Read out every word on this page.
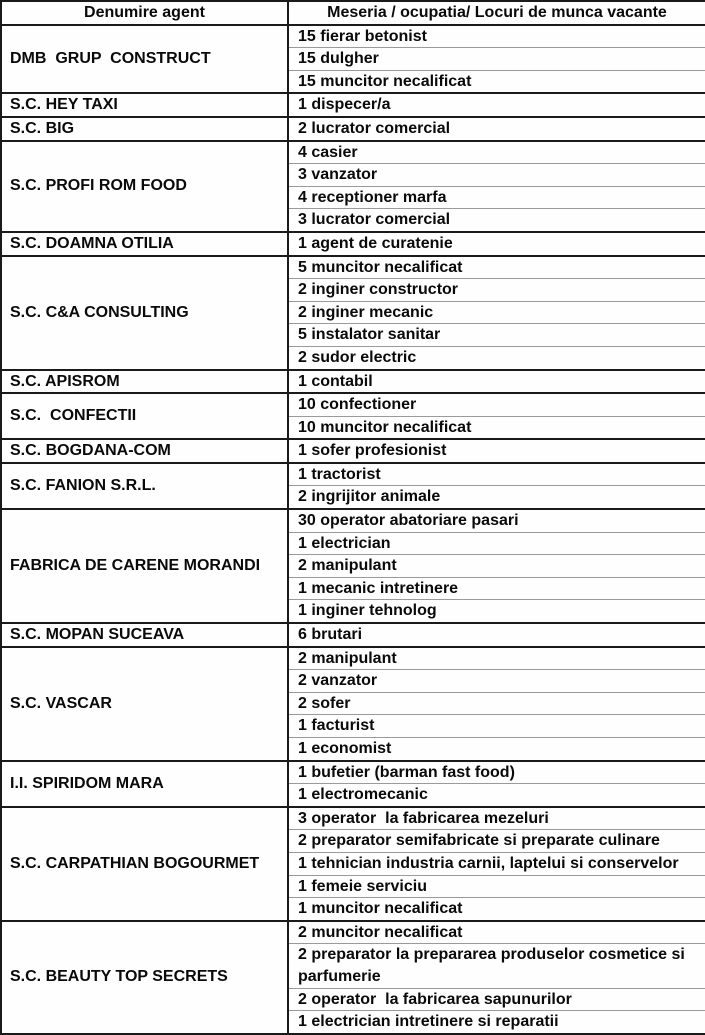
Denumire agent	Meseria / ocupatia/ Locuri de munca vacante
DMB  GRUP  CONSTRUCT	15 fierar betonist
	15 dulgher
	15 muncitor necalificat
S.C. HEY TAXI	1 dispecer/a
S.C. BIG	2 lucrator comercial
S.C. PROFI ROM FOOD	4 casier
	3 vanzator
	4 receptioner marfa
	3 lucrator comercial
S.C. DOAMNA OTILIA	1 agent de curatenie
S.C. C&A CONSULTING	5 muncitor necalificat
	2 inginer constructor
	2 inginer mecanic
	5 instalator sanitar
	2 sudor electric
S.C. APISROM	1 contabil
S.C.  CONFECTII	10 confectioner
	10 muncitor necalificat
S.C. BOGDANA-COM	1 sofer profesionist
S.C. FANION S.R.L.	1 tractorist
	2 ingrijitor animale
FABRICA DE CARENE MORANDI	30 operator abatoriare pasari
	1 electrician
	2 manipulant
	1 mecanic intretinere
	1 inginer tehnolog
S.C. MOPAN SUCEAVA	6 brutari
S.C. VASCAR	2 manipulant
	2 vanzator
	2 sofer
	1 facturist
	1 economist
I.I. SPIRIDOM MARA	1 bufetier (barman fast food)
	1 electromecanic
S.C. CARPATHIAN BOGOURMET	3 operator  la fabricarea mezeluri
	2 preparator semifabricate si preparate culinare
	1 tehnician industria carnii, laptelui si conservelor
	1 femeie serviciu
	1 muncitor necalificat
S.C. BEAUTY TOP SECRETS	2 muncitor necalificat
	2 preparator la prepararea produselor cosmetice si parfumerie
	2 operator  la fabricarea sapunurilor
	1 electrician intretinere si reparatii
